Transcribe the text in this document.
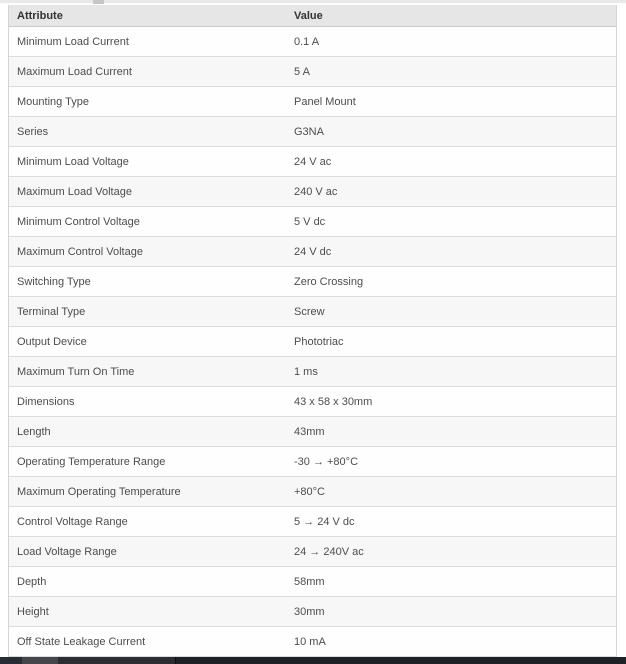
Attribute	Value
Minimum Load Current	0.1 A
Maximum Load Current	5 A
Mounting Type	Panel Mount
Series	G3NA
Minimum Load Voltage	24 V ac
Maximum Load Voltage	240 V ac
Minimum Control Voltage	5 V dc
Maximum Control Voltage	24 V dc
Switching Type	Zero Crossing
Terminal Type	Screw
Output Device	Phototriac
Maximum Turn On Time	1 ms
Dimensions	43 x 58 x 30mm
Length	43mm
Operating Temperature Range	-30 → +80°C
Maximum Operating Temperature	+80°C
Control Voltage Range	5 → 24 V dc
Load Voltage Range	24 → 240V ac
Depth	58mm
Height	30mm
Off State Leakage Current	10 mA
